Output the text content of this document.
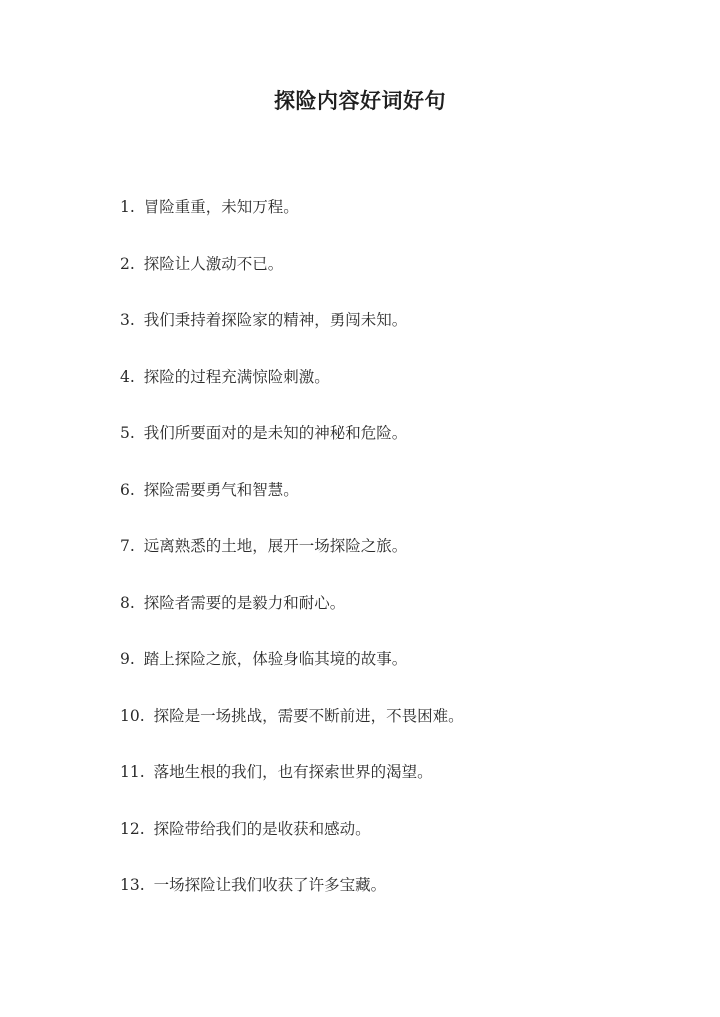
探险内容好词好句
1. 冒险重重，未知万程。
2. 探险让人激动不已。
3. 我们秉持着探险家的精神，勇闯未知。
4. 探险的过程充满惊险刺激。
5. 我们所要面对的是未知的神秘和危险。
6. 探险需要勇气和智慧。
7. 远离熟悉的土地，展开一场探险之旅。
8. 探险者需要的是毅力和耐心。
9. 踏上探险之旅，体验身临其境的故事。
10. 探险是一场挑战，需要不断前进，不畏困难。
11. 落地生根的我们，也有探索世界的渴望。
12. 探险带给我们的是收获和感动。
13. 一场探险让我们收获了许多宝藏。
